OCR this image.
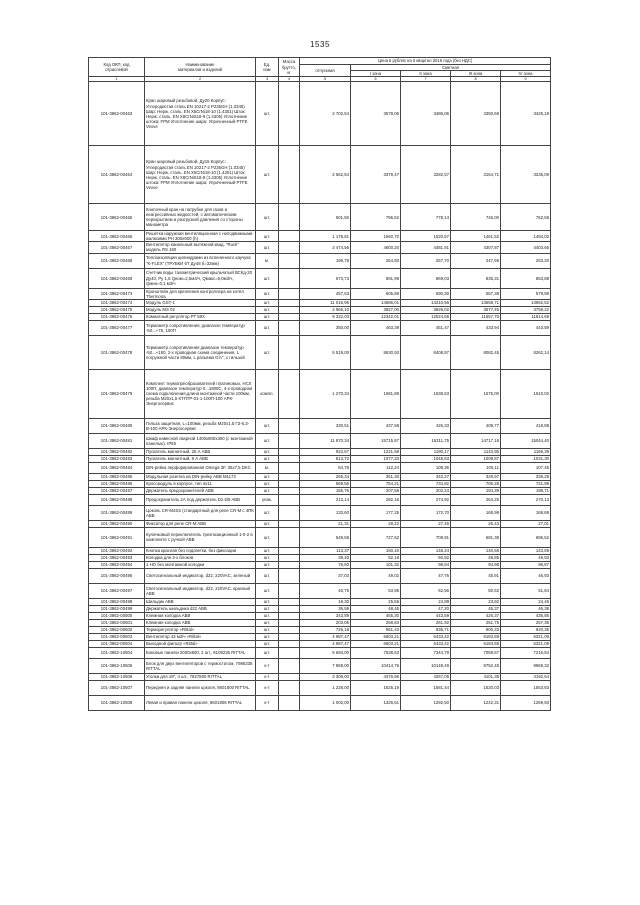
1535
Код ОКП, код
отраслевой	Наименование
материалов и изделий	Ед.
изм	Масса
брутто,
кг	Цена в рублях на II квартал 2016 года (без НДС)				
				отпускная	Сметная			
					I зона	II зона	III зона	IV зона
1	2	3	4	5	6	7	8	9
101-3862-00463	Кран шаровый резьбовой, Ду20 Корпус: Углеродистая сталь EN 10217-2 P235GH (1.0345) Шар: Нерж. сталь. EN X5CrNi18-10 (1.4301) Шток: Нерж. сталь. EN X8CrNiS18-9 (1.4305) Уплотнение штока: FPM Уплотнение шара: Упрочненный PTFE Vexve	шт.		2 702,54	3578,06	3486,06	3350,68	3425,19
101-3862-00464	Кран шаровый резьбовой, Ду15 Корпус: Углеродистая сталь EN 10217-2 P235GH (1.0345) Шар: Нерж. сталь. EN X5CrNi18-10 (1.4301) Шток: Нерж. сталь. EN X8CrNiS18-9 (1.4305) Уплотнение штока: FPM Уплотнение шара: Упрочненный PTFE Vexve	шт.		2 562,54	3379,47	3282,57	3164,71	3235,09
101-3862-00465	Кнопочный кран на патрубке для газов и неагрессивных жидкостей, с автоматическим перекрытием и разгрузкой давления со стороны манометра	шт.		601,50	796,52	778,14	746,00	762,58
101-3862-00466	Решетка наружная вентиляционная с неподвижными жалюзями РН 300х600 (h)	шт.		1 178,81	1560,70	1520,57	1461,52	1494,02
101-3862-00467	Вентилятор канальный вытяжной квад. "Ruck" модель RS 160	шт.		3 474,56	4600,20	4481,91	4307,87	4403,65
101-3862-00468	Теплоизоляция цилиндрами из вспененного каучука "K-FLEX" (ТРУБКИ 6Т Ду48 б=32мм)	м.		199,78	264,50	257,70	247,69	253,20
101-3862-00469	Счетчик воды тахометрический крыльчатый ВСКд-20 Ду40, Ру 1,6 Qном=2,5м3/ч, Qмакс=5,0м3/ч, Qмин=0,1 м3/ч	шт.		673,73	891,99	869,03	835,31	853,88
101-3862-00473	Кронштейн для крепления контроллера на котёл Thermona	шт.		457,63	605,88	590,30	567,38	579,99
101-3862-00474	Модуль GST-1	шт.		11 016,95	14586,01	14210,56	13658,71	13962,52
101-3862-00475	Модуль MS 02	шт.		2 966,10	3927,00	3826,02	3677,45	3759,22
101-3862-00476	Комнатный регулятор PT 59X	шт.		9 322,03	12342,01	12024,65	11557,70	11814,69
101-3862-00477	Термометр сопротивления, диапазон температур -50...+75, 100П	шт.		350,00	463,39	451,47	433,94	443,59
101-3862-00478	Термометр сопротивления диапазон температур -50...+150, 2-х проводная схема соединения, L погружной части 80мм, L разъёма G½", с гильзой	шт.		6 519,00	8630,93	8408,97	8082,45	8262,14
101-3862-00479	Комплект термопреобразователей платиновых, НСХ 100П, диапазон температур 0...1800С, 4-х проводная схема подключения,длина монтажной части 100мм, резьба М20х1,5 КТПТР-01-1-100П-100 АРК-Энергосервис	компл.		1 270,34	1681,89	1638,63	1575,00	1610,02
101-3862-00480	Гильза защитная, L=100мм, резьба М20х1,5 ГЗ-6.3-В-100 АРК-Энергосервис	шт.		330,51	437,58	426,33	409,77	418,88
101-3862-00481	Шкаф навесной сварной 1400х800х300 (с монтажной панелью). IP55	шт.		11 870,34	15715,87	15311,75	14717,16	15044,40
101-3862-00482	Пускатель магнитный, 25 А ABB	шт.		922,67	1221,59	1190,17	1143,95	1169,39
101-3862-00483	Пускатель магнитный, 9 А ABB	шт.		813,72	1077,33	1049,63	1008,87	1031,30
101-3862-00484	DIN-рейка перфорированная Omega 3F, 35x7,5 DKC	м.		84,78	112,24	109,36	105,11	107,45
101-3862-00485	Модульная розетка на DIN-рейку ABB M1173	шт.		265,34	351,30	342,27	328,97	336,29
101-3862-00486	Кроссмодуль в корпусе, тип 4х11	шт.		569,56	754,21	734,82	706,28	721,99
101-3862-00487	Держатель предохранителей ABB	шт.		156,76	207,56	202,24	194,39	198,71
101-3862-00488	Предохранитель 2А под держатель D2.5/8 ABB	упак.		213,14	282,16	274,92	264,25	270,13
101-3862-00489	Цоколь CR-M4SS (стандартный для реле CR-M с 4ПК ABB	шт.		133,60	177,25	172,70	165,99	169,68
101-3862-00490	Фиксатор для реле CR-M ABB	шт.		21,31	28,22	27,49	26,43	27,01
101-3862-00491	Кулачковый переключатель трехпозиционный 1-0-2 в комплекте с ручкой ABB	шт.		549,58	727,62	708,91	681,38	696,52
101-3862-00492	Кнопка красная без подсветки, без фиксации	шт.		113,37	150,10	146,24	140,56	143,69
101-3862-00493	Колодка для 3-х блоков	шт.		39,40	52,18	50,82	48,85	49,93
101-3862-00494	1 НО без монтажной колодки	шт.		76,60	101,32	98,84	94,98	96,87
101-3862-00496	Светосигнальный индикатор, d22, 220VAC, зеленый	шт.		37,03	49,02	47,76	45,91	46,93
101-3862-00497	Светосигнальный индикатор, d22, 220VAC, красный ABB	шт.		40,75	53,95	52,56	50,52	51,64
101-3862-00498	Шильдик ABB	шт.		19,30	25,55	24,89	23,92	24,46
101-3862-00499	Держатель шильдика d22 ABB	шт.		36,59	48,45	47,20	45,37	46,38
101-3862-00500	Клемная колодка ABB	шт.		343,89	455,30	443,59	426,37	435,85
101-3862-00501	Клемная колодка ABB	шт.		203,05	268,83	261,92	251,75	257,35
101-3862-00502	Терморегулятор «Rittal»	шт.		726,18	961,43	936,71	900,33	920,35
101-3862-00503	Вентилятор 43 м3/ч «Rittal»	шт.		4 987,47	6603,21	6433,42	6183,59	6321,09
101-3862-00504	Выходной фильтр «Rittal»	шт.		4 987,47	6603,21	6433,42	6183,59	6321,09
101-3862-10504	Боковые панели 2000х800, 2 шт., 8108235 RITTAL	шт.		5 694,00	7538,63	7344,79	7059,57	7216,54
101-3862-10505	Блок для двух вентиляторов с термостатом, 7986335 RITTAL	к-т		7 868,00	10414,76	10148,49	9752,45	9969,32
101-3862-10506	Уголки для 19", 4 шт., 7827800 RITTAL	к-т		3 306,00	4376,96	4267,05	4101,35	4192,54
101-3862-10507	Передняя и задняя панели цоколя, 8601800 RITTAL	к-т		1 228,00	1625,19	1581,44	1520,03	1553,83
101-3862-10508	Левая и правая панели цоколя, 8601806 RITTAL	к-т		1 002,00	1326,61	1292,50	1242,31	1269,93
